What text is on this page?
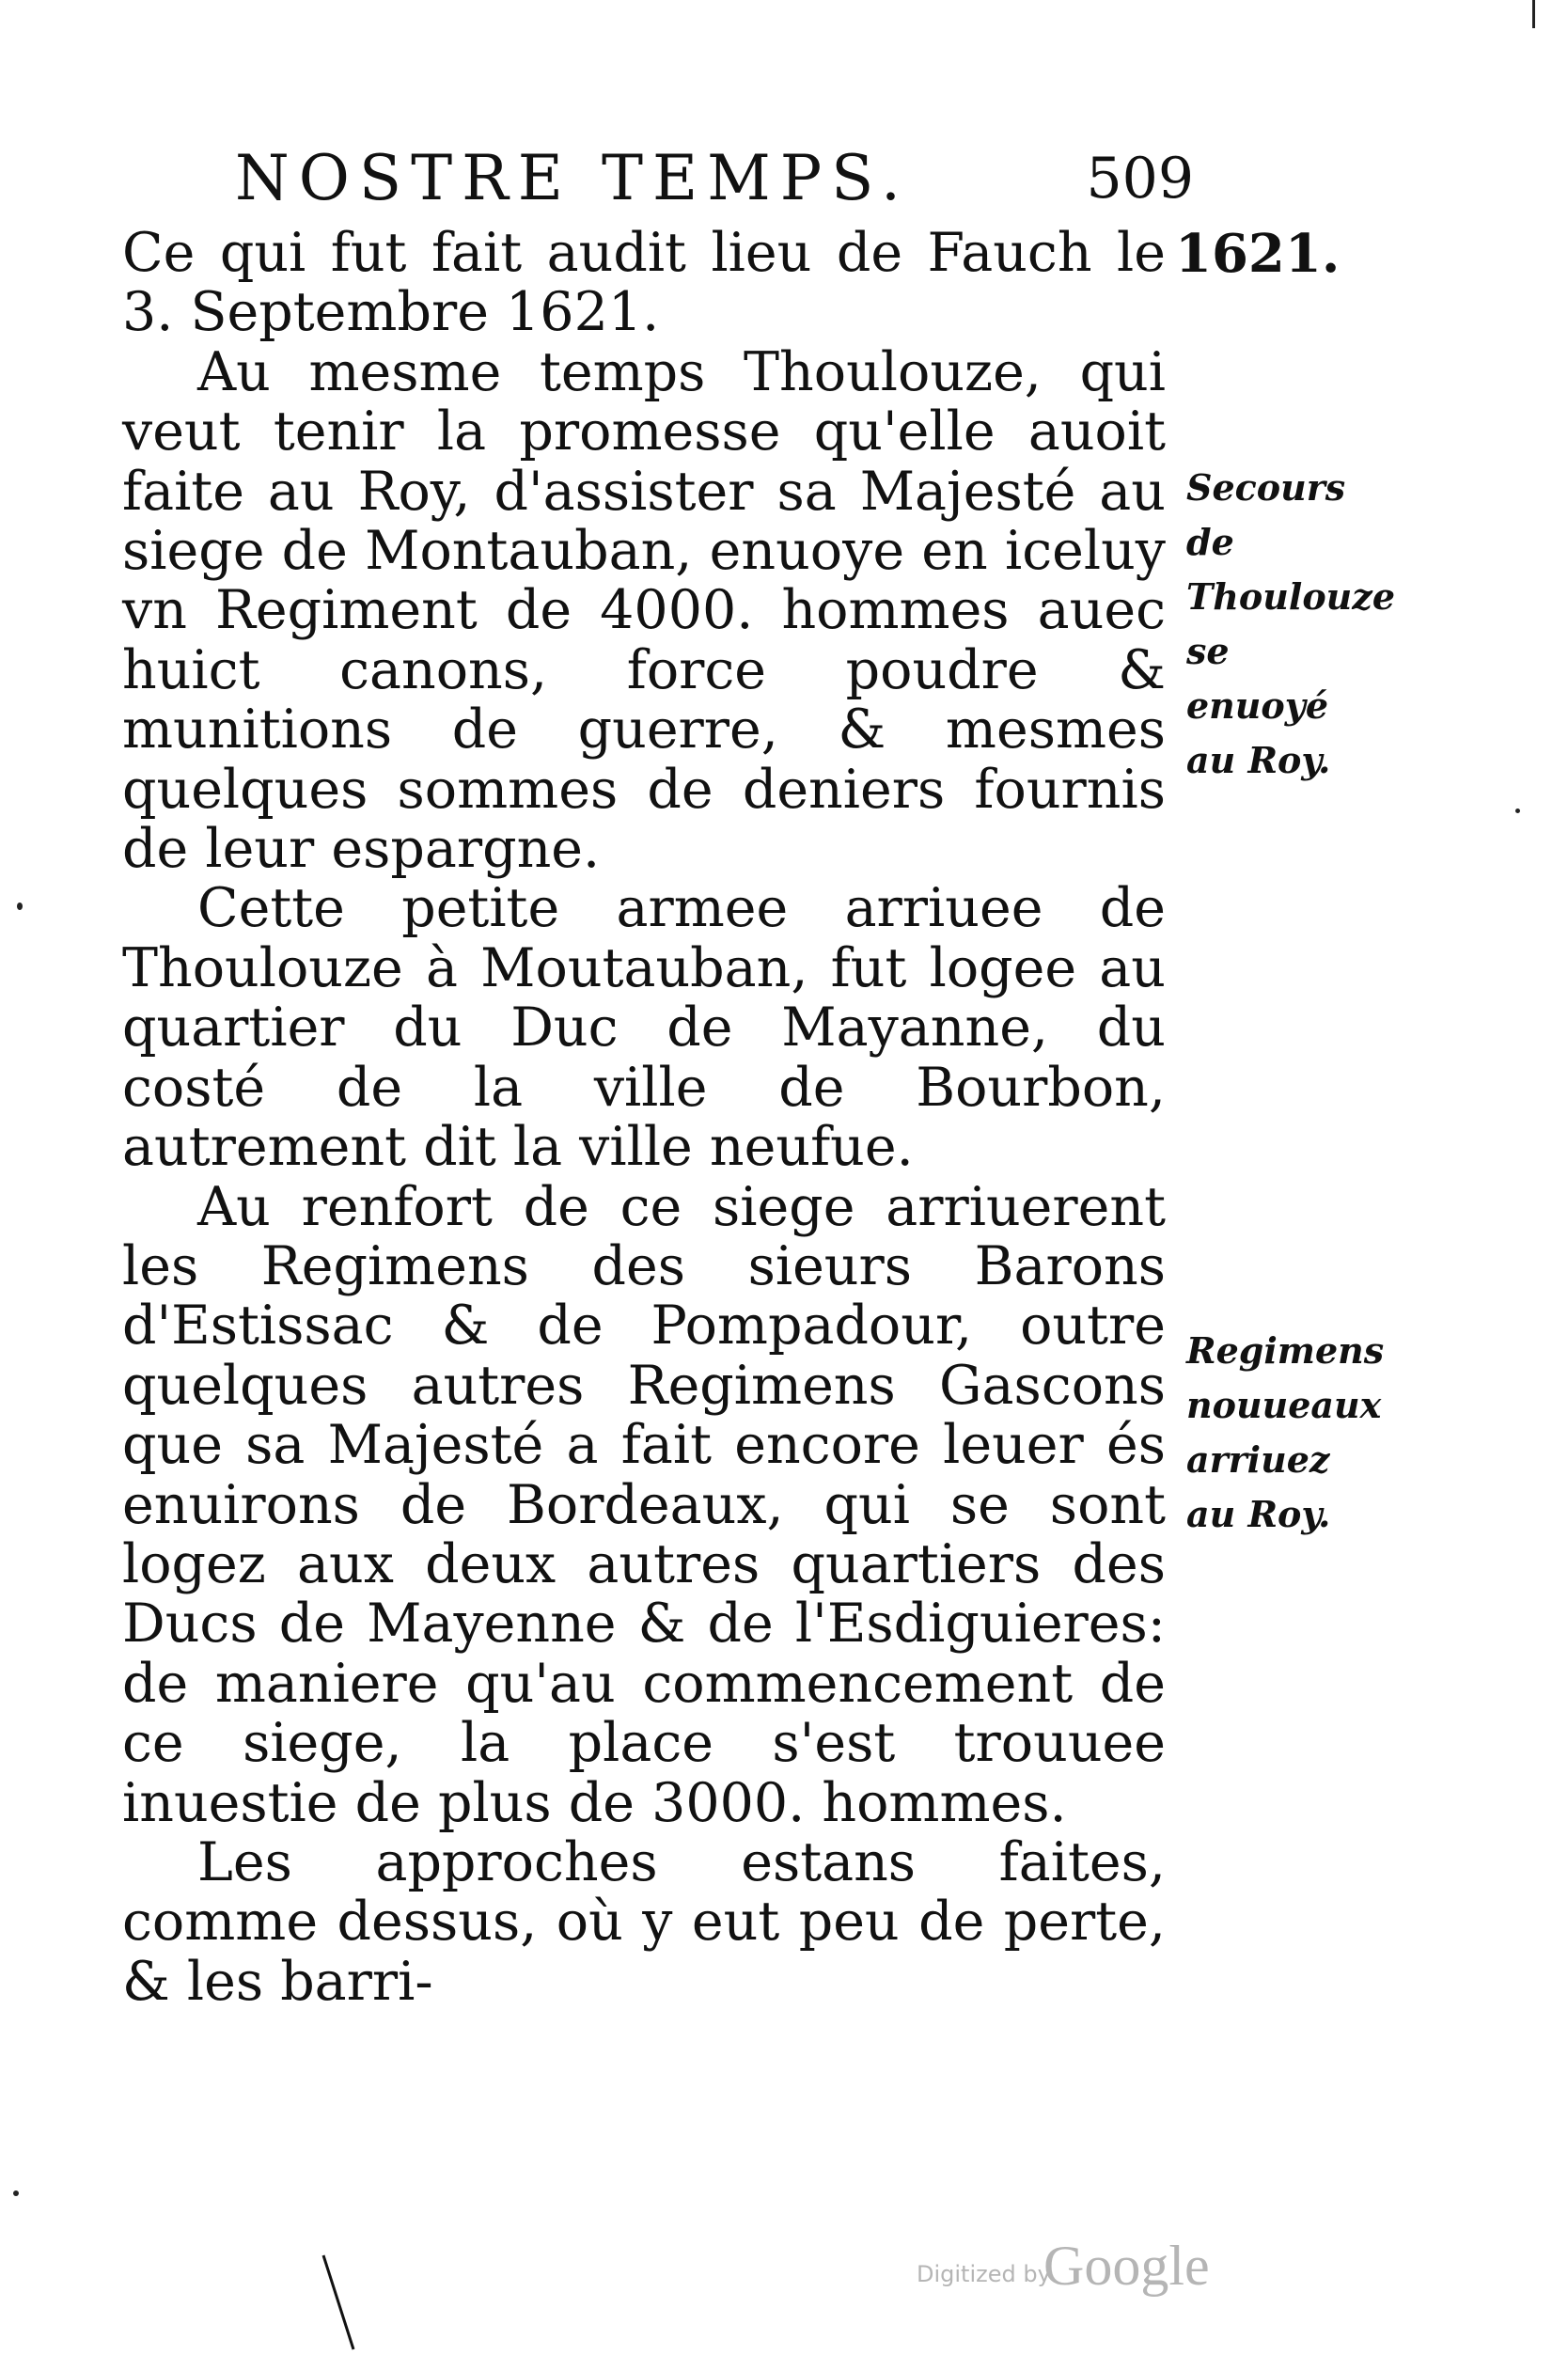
NOSTRE TEMPS.	509
1621.

Ce qui fut fait audit lieu de Fauch le 3. Septembre 1621.

Au mesme temps Thoulouze, qui veut tenir la promesse qu'elle auoit faite au Roy, d'assister sa Majesté au siege de Montauban, enuoye en iceluy vn Regiment de 4000. hommes auec huict canons, force poudre & munitions de guerre, & mesmes quelques sommes de deniers fournis de leur espargne.

Cette petite armee arriuee de Thoulouze à Moutauban, fut logee au quartier du Duc de Mayanne, du costé de la ville de Bourbon, autrement dit la ville neufue.

Au renfort de ce siege arriuerent les Regimens des sieurs Barons d'Estissac & de Pompadour, outre quelques autres Regimens Gascons que sa Majesté a fait encore leuer és enuirons de Bordeaux, qui se sont logez aux deux autres quartiers des Ducs de Mayenne & de l'Esdiguieres: de maniere qu'au commencement de ce siege, la place s'est trouuee inuestie de plus de 3000. hommes.

Les approches estans faites, comme dessus, où y eut peu de perte, & les barri-

Secours de
Thoulouze
se enuoyé
au Roy.
Regimens
nouueaux
arriuez
au Roy.
Digitized by
Google
